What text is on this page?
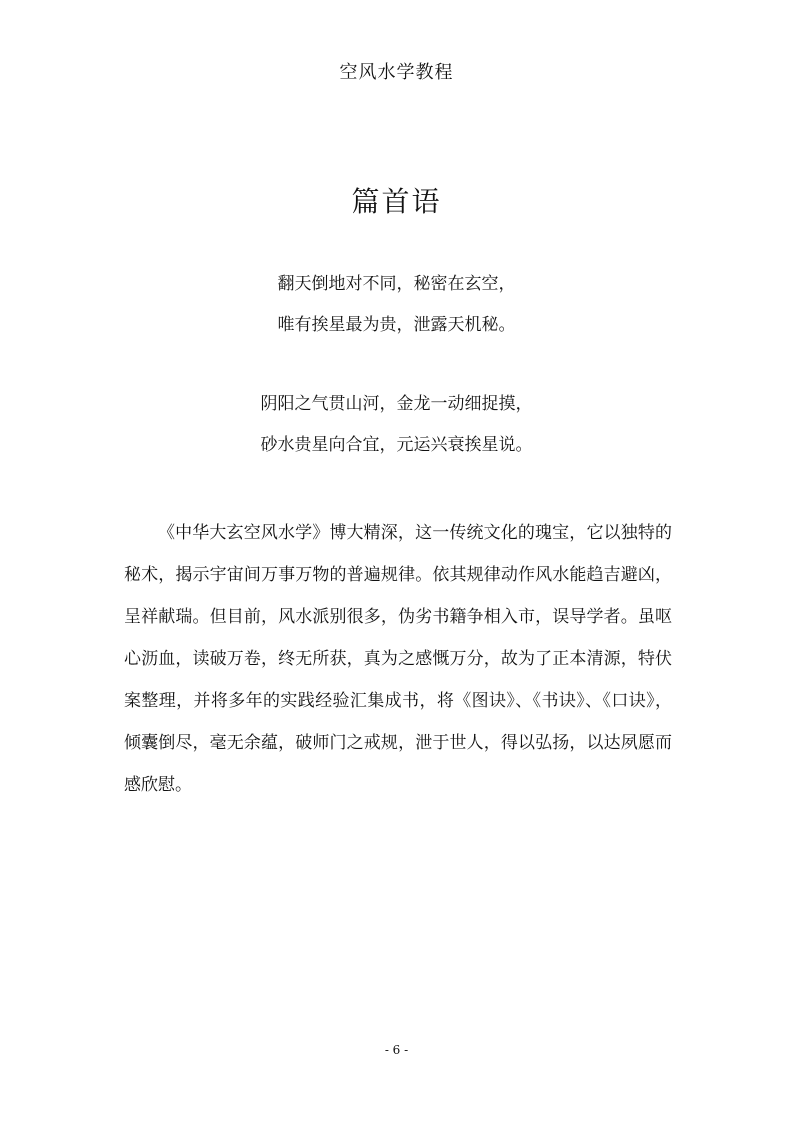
空风水学教程
篇首语
翻天倒地对不同，秘密在玄空，
唯有挨星最为贵，泄露天机秘。
阴阳之气贯山河，金龙一动细捉摸，
砂水贵星向合宜，元运兴衰挨星说。

《中华大玄空风水学》博大精深，这一传统文化的瑰宝，它以独特的秘术，揭示宇宙间万事万物的普遍规律。依其规律动作风水能趋吉避凶，呈祥献瑞。但目前，风水派别很多，伪劣书籍争相入市，误导学者。虽呕心沥血，读破万卷，终无所获，真为之感慨万分，故为了正本清源，特伏案整理，并将多年的实践经验汇集成书，将《图诀》、《书诀》、《口诀》，倾囊倒尽，毫无余蕴，破师门之戒规，泄于世人，得以弘扬，以达夙愿而感欣慰。

- 6 -
